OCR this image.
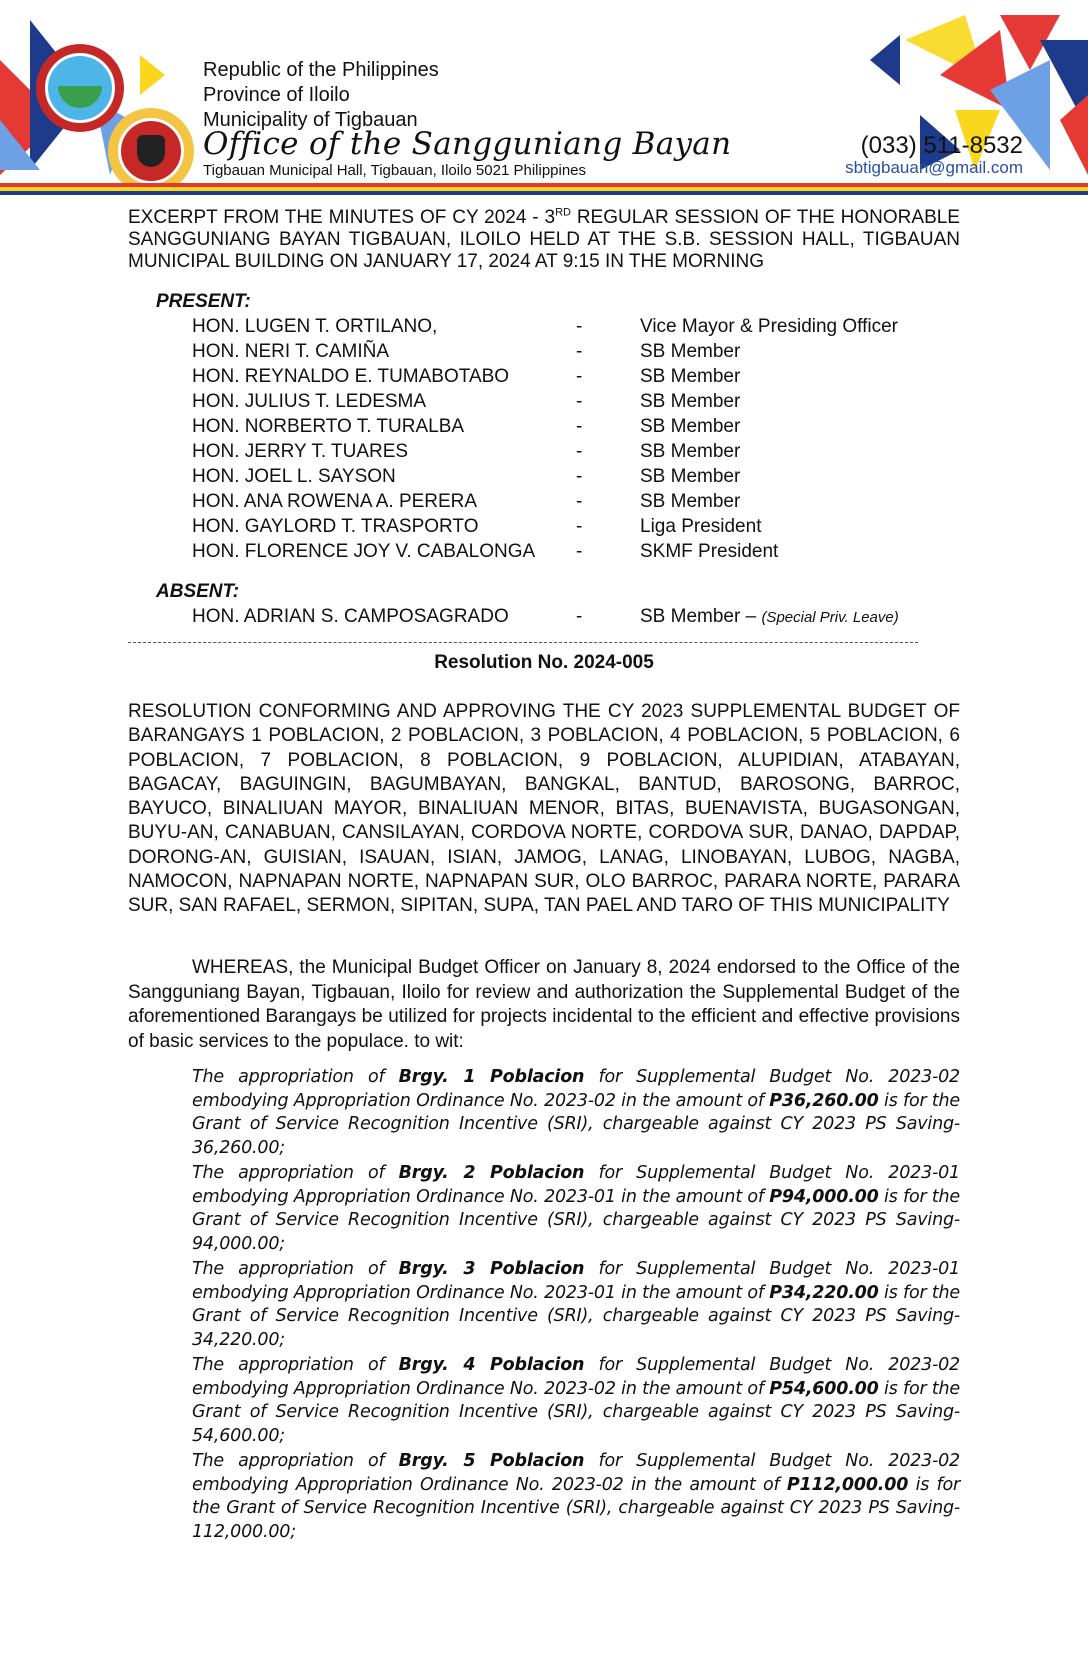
Republic of the Philippines
Province of Iloilo
Municipality of Tigbauan
Office of the Sangguniang Bayan
Tigbauan Municipal Hall, Tigbauan, Iloilo 5021 Philippines
(033) 511-8532
sbtigbauan@gmail.com
EXCERPT FROM THE MINUTES OF CY 2024 - 3RD REGULAR SESSION OF THE HONORABLE SANGGUNIANG BAYAN TIGBAUAN, ILOILO HELD AT THE S.B. SESSION HALL, TIGBAUAN MUNICIPAL BUILDING ON JANUARY 17, 2024 AT 9:15 IN THE MORNING
PRESENT:
HON. LUGEN T. ORTILANO,	-	Vice Mayor & Presiding Officer
HON. NERI T. CAMIÑA	-	SB Member
HON. REYNALDO E. TUMABOTABO	-	SB Member
HON. JULIUS T. LEDESMA	-	SB Member
HON. NORBERTO T. TURALBA	-	SB Member
HON. JERRY T. TUARES	-	SB Member
HON. JOEL L. SAYSON	-	SB Member
HON. ANA ROWENA A. PERERA	-	SB Member
HON. GAYLORD T. TRASPORTO	-	Liga President
HON. FLORENCE JOY V. CABALONGA -	SKMF President
ABSENT:
HON. ADRIAN S. CAMPOSAGRADO	-	SB Member – (Special Priv. Leave)
Resolution No. 2024-005
RESOLUTION CONFORMING AND APPROVING THE CY 2023 SUPPLEMENTAL BUDGET OF BARANGAYS 1 POBLACION, 2 POBLACION, 3 POBLACION, 4 POBLACION, 5 POBLACION, 6 POBLACION, 7 POBLACION, 8 POBLACION, 9 POBLACION, ALUPIDIAN, ATABAYAN, BAGACAY, BAGUINGIN, BAGUMBAYAN, BANGKAL, BANTUD, BAROSONG, BARROC, BAYUCO, BINALIUAN MAYOR, BINALIUAN MENOR, BITAS, BUENAVISTA, BUGASONGAN, BUYU-AN, CANABUAN, CANSILAYAN, CORDOVA NORTE, CORDOVA SUR, DANAO, DAPDAP, DORONG-AN, GUISIAN, ISAUAN, ISIAN, JAMOG, LANAG, LINOBAYAN, LUBOG, NAGBA, NAMOCON, NAPNAPAN NORTE, NAPNAPAN SUR, OLO BARROC, PARARA NORTE, PARARA SUR, SAN RAFAEL, SERMON, SIPITAN, SUPA, TAN PAEL AND TARO OF THIS MUNICIPALITY
WHEREAS, the Municipal Budget Officer on January 8, 2024 endorsed to the Office of the Sangguniang Bayan, Tigbauan, Iloilo for review and authorization the Supplemental Budget of the aforementioned Barangays be utilized for projects incidental to the efficient and effective provisions of basic services to the populace. to wit:
The appropriation of Brgy. 1 Poblacion for Supplemental Budget No. 2023-02 embodying Appropriation Ordinance No. 2023-02 in the amount of P36,260.00 is for the Grant of Service Recognition Incentive (SRI), chargeable against CY 2023 PS Saving-36,260.00;
The appropriation of Brgy. 2 Poblacion for Supplemental Budget No. 2023-01 embodying Appropriation Ordinance No. 2023-01 in the amount of P94,000.00 is for the Grant of Service Recognition Incentive (SRI), chargeable against CY 2023 PS Saving-94,000.00;
The appropriation of Brgy. 3 Poblacion for Supplemental Budget No. 2023-01 embodying Appropriation Ordinance No. 2023-01 in the amount of P34,220.00 is for the Grant of Service Recognition Incentive (SRI), chargeable against CY 2023 PS Saving-34,220.00;
The appropriation of Brgy. 4 Poblacion for Supplemental Budget No. 2023-02 embodying Appropriation Ordinance No. 2023-02 in the amount of P54,600.00 is for the Grant of Service Recognition Incentive (SRI), chargeable against CY 2023 PS Saving-54,600.00;
The appropriation of Brgy. 5 Poblacion for Supplemental Budget No. 2023-02 embodying Appropriation Ordinance No. 2023-02 in the amount of P112,000.00 is for the Grant of Service Recognition Incentive (SRI), chargeable against CY 2023 PS Saving-112,000.00;
